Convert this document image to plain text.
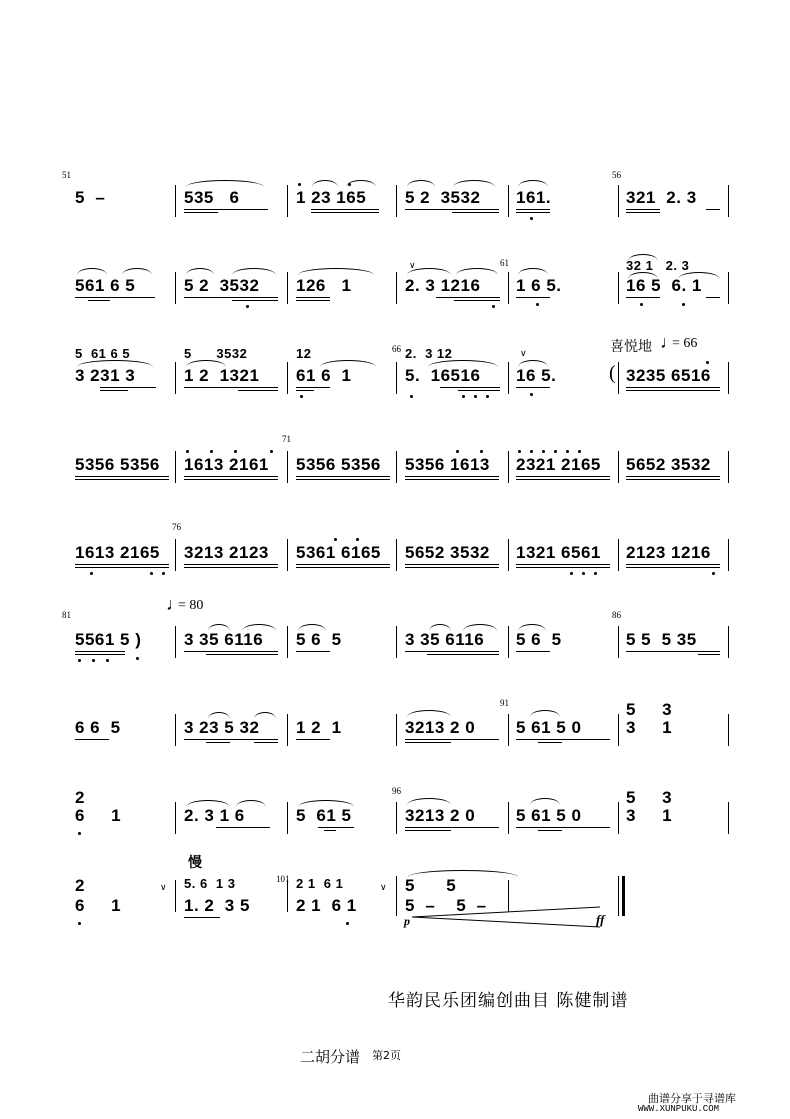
51
5  –	535   6	1 23 165 5 2  3532 161.
56
321  2. 3
561 6 5	5 2  3532 126   1
∨
2. 3 1216
61
1 6 5.
32 1   2. 3
16 5  6. 1
5  61 6 5
3 231 3
5      3532
1 2  1321
12
61 6  1
66 2.  3 12
5.  16516
∨
16 5.
喜悦地 ♩
= 66
( 3235 6516
5356 5356 1613 2161
71
5356 5356 5356 1613 2321 2165 5652 3532
1613 2165
76
3213 2123 5361 6165 5652 3532 1321 6561 2123 1216
81
5561 5 )
♩
= 80
3 35 6116 5 6  5	3 35 6116 5 6  5
86
5 5  5 35
6 6  5	3 23 5 32 1 2  1	3213 2 0
91
5 61 5 0
5     3
3     1
2
6     1	2. 3 1 6	5  61 5
96
3213 2 0 5 61 5 0
5     3
3     1
慢
2
6     1
∨ 5. 6  1 3
1. 2  3 5
101 2 1  6 1
2 1  6 1
∨ 5      5
5  –    5  –
p	ff
华韵民乐团编创曲目 陈健制谱
二胡分谱 第2页
曲谱分享于寻谱库
WWW.XUNPUKU.COM
